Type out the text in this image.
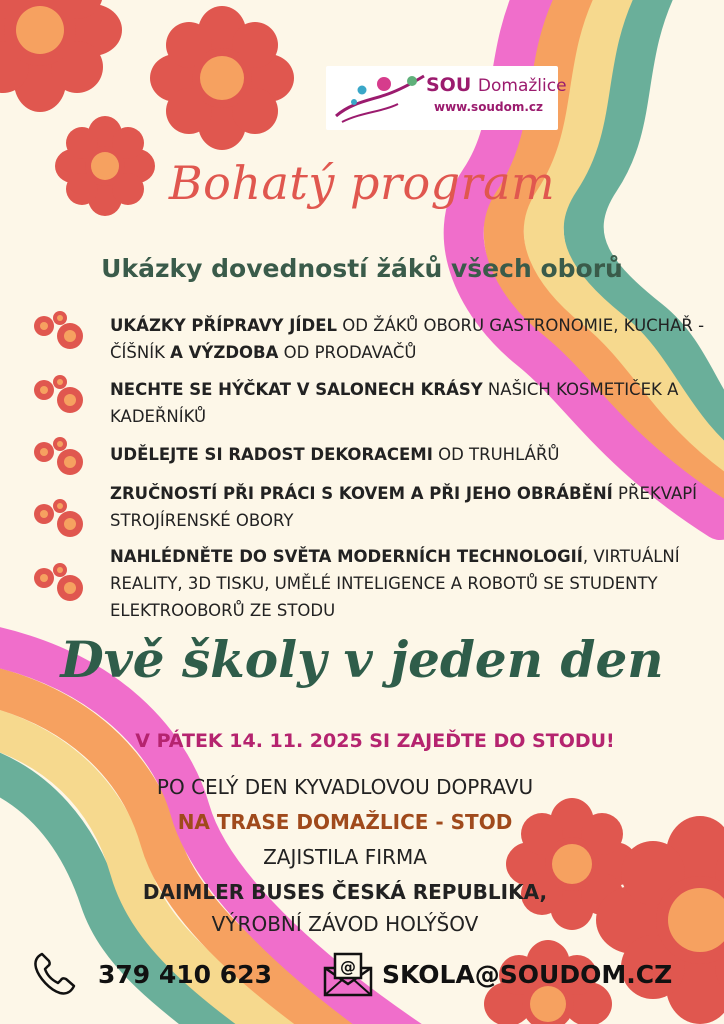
SOU Domažlice
www.soudom.cz
Bohatý program
Ukázky dovedností žáků všech oborů
UKÁZKY PŘÍPRAVY JÍDEL OD ŽÁKŮ OBORU GASTRONOMIE, KUCHAŘ - ČÍŠNÍK A VÝZDOBA OD PRODAVAČŮ
NECHTE SE HÝČKAT V SALONECH KRÁSY NAŠICH KOSMETIČEK A KADEŘNÍKŮ
UDĚLEJTE SI RADOST DEKORACEMI OD TRUHLÁŘŮ
ZRUČNOSTÍ PŘI PRÁCI S KOVEM A PŘI JEHO OBRÁBĚNÍ PŘEKVAPÍ STROJÍRENSKÉ OBORY
NAHLÉDNĚTE DO SVĚTA MODERNÍCH TECHNOLOGIÍ, VIRTUÁLNÍ REALITY, 3D TISKU, UMĚLÉ INTELIGENCE A ROBOTŮ SE STUDENTY ELEKTROOBORŮ ZE STODU
Dvě školy v jeden den
V PÁTEK 14. 11. 2025 SI ZAJEĎTE DO STODU!
PO CELÝ DEN KYVADLOVOU DOPRAVU
NA TRASE DOMAŽLICE - STOD
ZAJISTILA FIRMA
DAIMLER BUSES ČESKÁ REPUBLIKA,
VÝROBNÍ ZÁVOD HOLÝŠOV
379 410 623	@ SKOLA@SOUDOM.CZ
